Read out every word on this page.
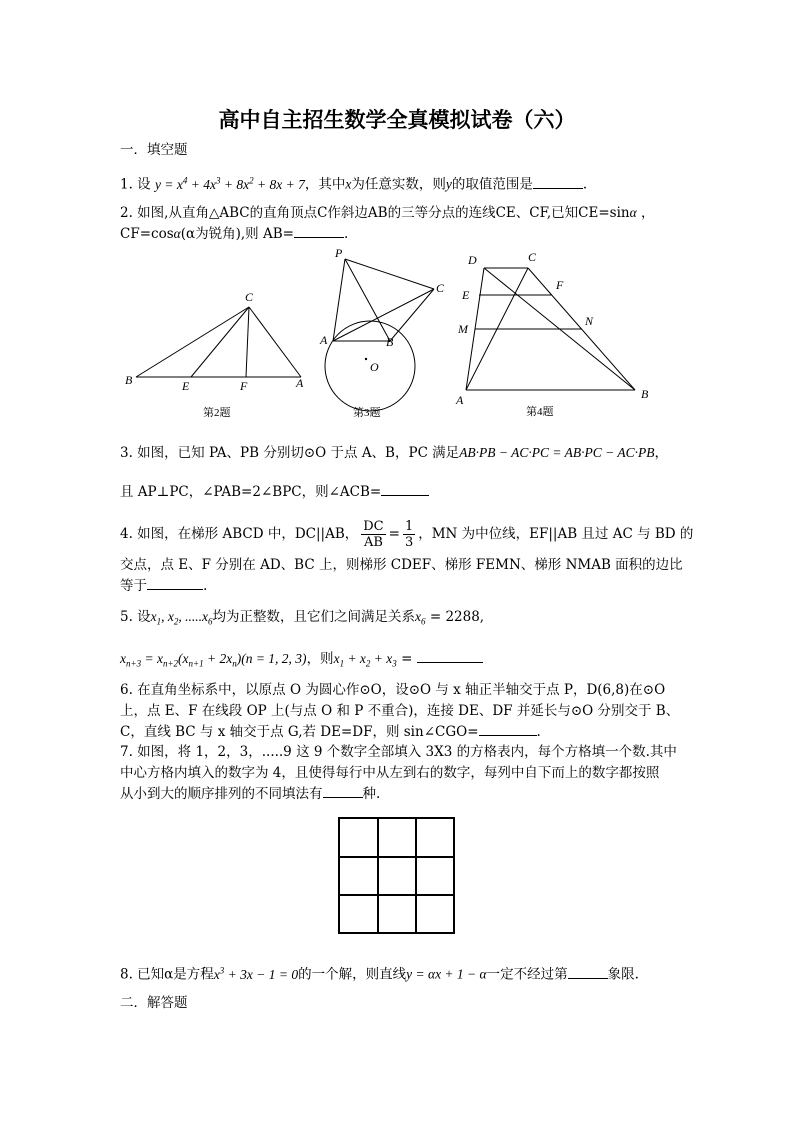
高中自主招生数学全真模拟试卷（六）
一．填空题
1. 设 $y = x^4 + 4x^3 + 8x^2 + 8x + 7$，其中x为任意实数，则y的取值范围是	.
2. 如图,从直角△ABC的直角顶点C作斜边AB的三等分点的连线CE、CF,已知CE=sinα ，
CF=cosα(α为锐角),则 AB=	.
B	E	F	A
C
第2题
P
C
A	B
O
第3题
D	C
E
F
M
N
A	B
第4题
3. 如图，已知 PA、PB 分别切⊙O 于点 A、B，PC 满足AB·PB − AC·PC = AB·PC − AC·PB，
且 AP⊥PC，∠PAB=2∠BPC，则∠ACB=
4. 如图，在梯形 ABCD 中，DC||AB， $\frac{DC}{AB} = \frac{1}{3}$ ，MN 为中位线，EF||AB 且过 AC 与 BD 的
交点，点 E、F 分别在 AD、BC 上，则梯形 CDEF、梯形 FEMN、梯形 NMAB 面积的边比
等于	.
5. 设$x_1$, $x_2$, $.....x_6$均为正整数，且它们之间满足关系$x_6 = 2288$,
$x_{n+3} = x_{n+2}(x_{n+1} + 2x_n)(n = 1$, 2, 3)，则$x_1 + x_2 + x_3$ =
6. 在直角坐标系中，以原点 O 为圆心作⊙O，设⊙O 与 x 轴正半轴交于点 P，D(6,8)在⊙O
上，点 E、F 在线段 OP 上(与点 O 和 P 不重合)，连接 DE、DF 并延长与⊙O 分别交于 B、
C，直线 BC 与 x 轴交于点 G,若 DE=DF，则 sin∠CGO=	.
7. 如图，将 1，2，3，.....9 这 9 个数字全部填入 3X3 的方格表内，每个方格填一个数.其中
中心方格内填入的数字为 4，且使得每行中从左到右的数字，每列中自下而上的数字都按照
从小到大的顺序排列的不同填法有	种.
8. 已知α是方程$x^3 + 3x - 1 = 0$的一个解，则直线y = αx + 1 − α一定不经过第	象限.
二．解答题
